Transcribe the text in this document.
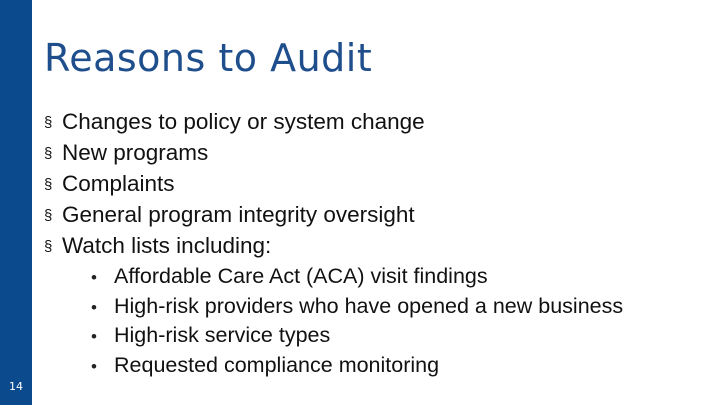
Reasons to Audit
§ Changes to policy or system change
§ New programs
§ Complaints
§ General program integrity oversight
§ Watch lists including:
• Affordable Care Act (ACA) visit findings
• High-risk providers who have opened a new business
• High-risk service types
• Requested compliance monitoring
14
